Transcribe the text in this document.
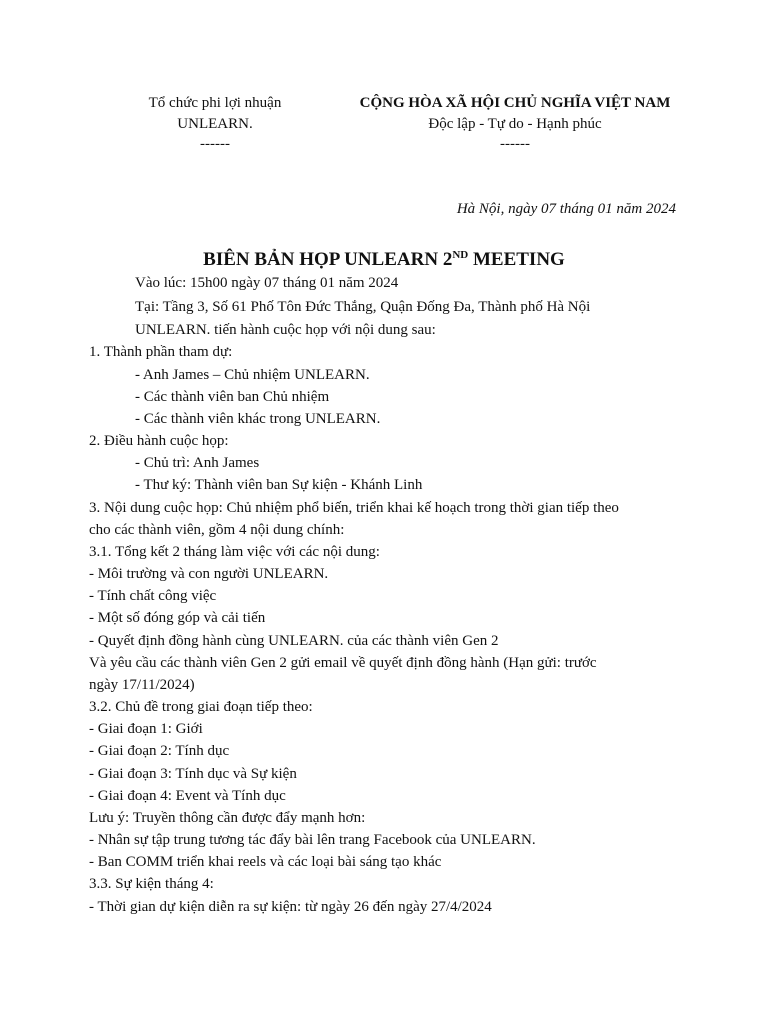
Tổ chức phi lợi nhuận
UNLEARN.
------
CỘNG HÒA XÃ HỘI CHỦ NGHĨA VIỆT NAM
Độc lập - Tự do - Hạnh phúc
------
Hà Nội, ngày 07 tháng 01 năm 2024
BIÊN BẢN HỌP UNLEARN 2ND MEETING
Vào lúc: 15h00 ngày 07 tháng 01 năm 2024
Tại: Tầng 3, Số 61 Phố Tôn Đức Thắng, Quận Đống Đa, Thành phố Hà Nội
UNLEARN. tiến hành cuộc họp với nội dung sau:
1. Thành phần tham dự:
- Anh James – Chủ nhiệm UNLEARN.
- Các thành viên ban Chủ nhiệm
- Các thành viên khác trong UNLEARN.
2. Điều hành cuộc họp:
- Chủ trì: Anh James
- Thư ký: Thành viên ban Sự kiện - Khánh Linh
3. Nội dung cuộc họp: Chủ nhiệm phổ biến, triển khai kế hoạch trong thời gian tiếp theo
cho các thành viên, gồm 4 nội dung chính:
3.1. Tổng kết 2 tháng làm việc với các nội dung:
- Môi trường và con người UNLEARN.
- Tính chất công việc
- Một số đóng góp và cải tiến
- Quyết định đồng hành cùng UNLEARN. của các thành viên Gen 2
Và yêu cầu các thành viên Gen 2 gửi email về quyết định đồng hành (Hạn gửi: trước
ngày 17/11/2024)
3.2. Chủ đề trong giai đoạn tiếp theo:
- Giai đoạn 1: Giới
- Giai đoạn 2: Tính dục
- Giai đoạn 3: Tính dục và Sự kiện
- Giai đoạn 4: Event và Tính dục
Lưu ý: Truyền thông cần được đẩy mạnh hơn:
- Nhân sự tập trung tương tác đẩy bài lên trang Facebook của UNLEARN.
- Ban COMM triển khai reels và các loại bài sáng tạo khác
3.3. Sự kiện tháng 4:
- Thời gian dự kiện diễn ra sự kiện: từ ngày 26 đến ngày 27/4/2024
